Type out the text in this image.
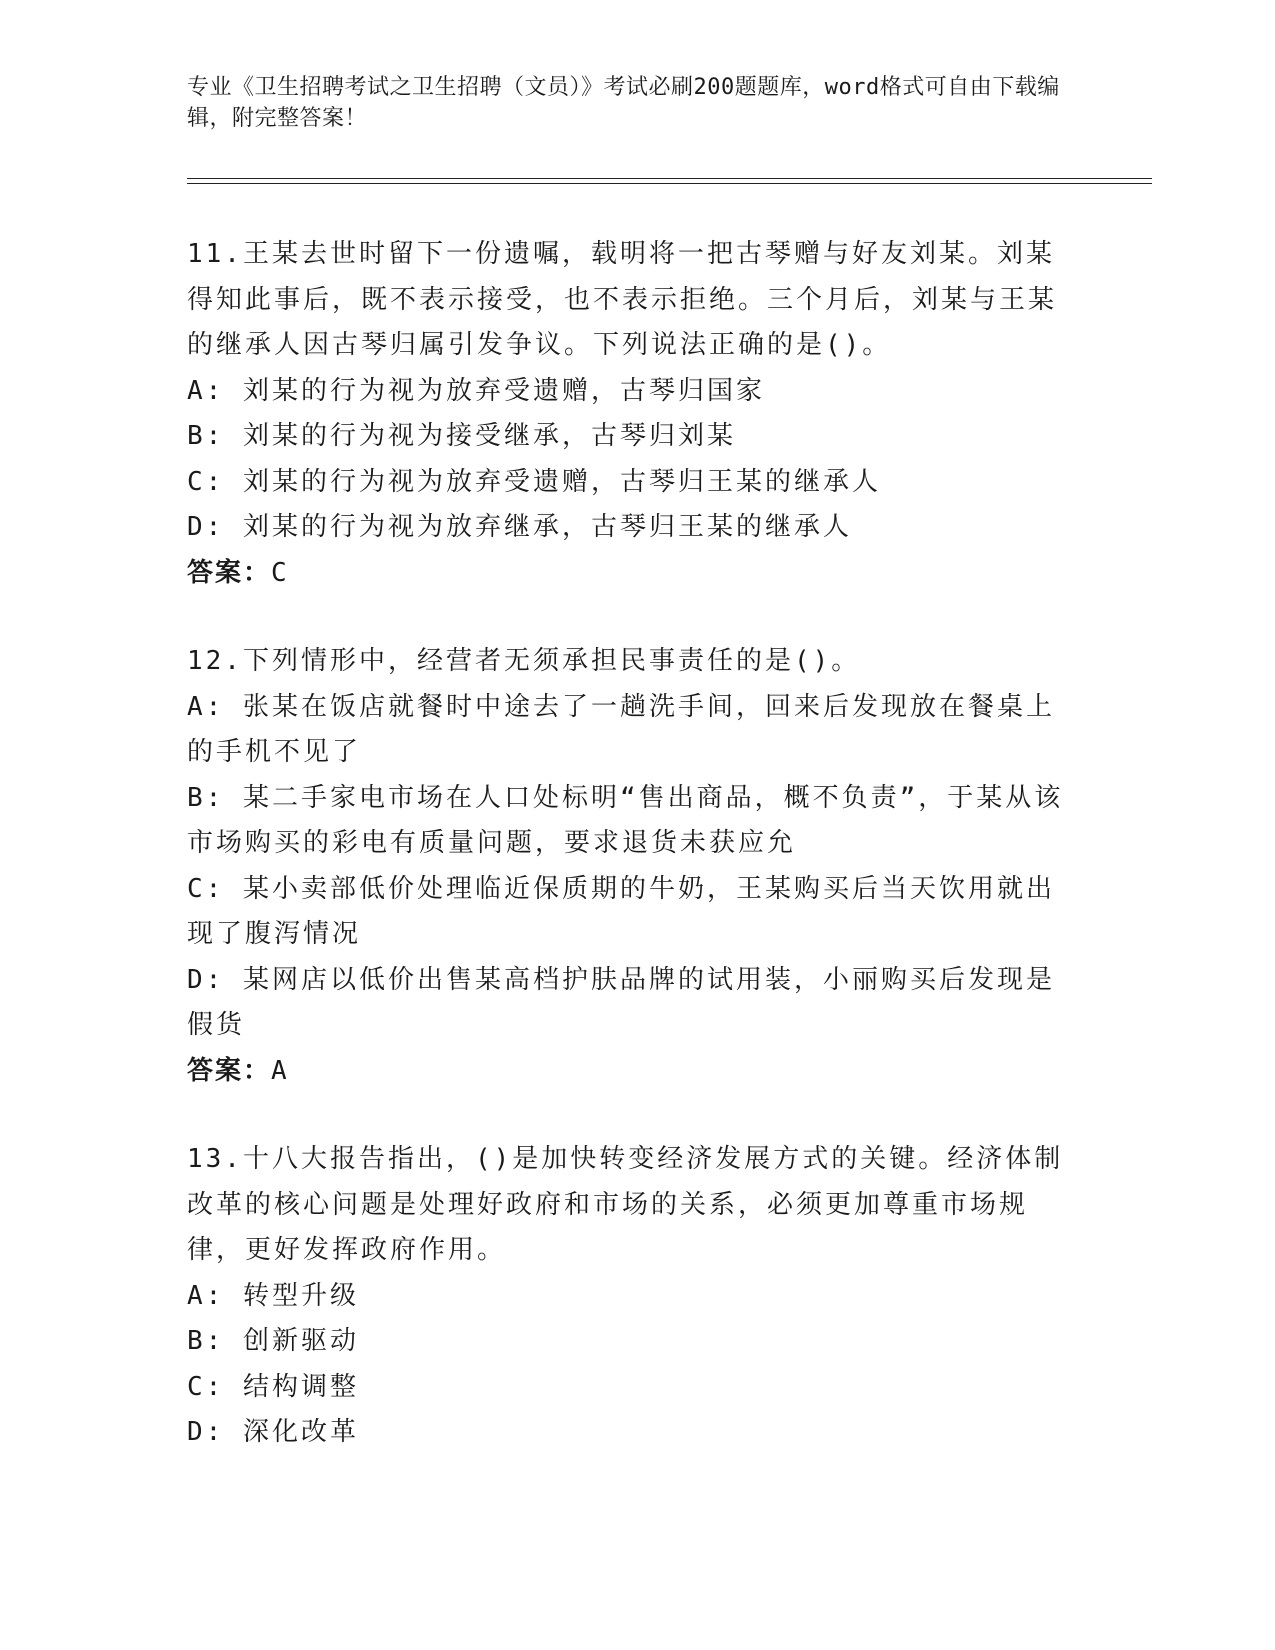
专业《卫生招聘考试之卫生招聘（文员）》考试必刷200题题库，word格式可自由下载编辑，附完整答案！

11.王某去世时留下一份遗嘱，载明将一把古琴赠与好友刘某。刘某得知此事后，既不表示接受，也不表示拒绝。三个月后，刘某与王某的继承人因古琴归属引发争议。下列说法正确的是()。

A: 刘某的行为视为放弃受遗赠，古琴归国家

B: 刘某的行为视为接受继承，古琴归刘某

C: 刘某的行为视为放弃受遗赠，古琴归王某的继承人

D: 刘某的行为视为放弃继承，古琴归王某的继承人

答案：C

12.下列情形中，经营者无须承担民事责任的是()。

A: 张某在饭店就餐时中途去了一趟洗手间，回来后发现放在餐桌上的手机不见了

B: 某二手家电市场在人口处标明“售出商品，概不负责”，于某从该市场购买的彩电有质量问题，要求退货未获应允

C: 某小卖部低价处理临近保质期的牛奶，王某购买后当天饮用就出现了腹泻情况

D: 某网店以低价出售某高档护肤品牌的试用装，小丽购买后发现是假货

答案：A

13.十八大报告指出，()是加快转变经济发展方式的关键。经济体制改革的核心问题是处理好政府和市场的关系，必须更加尊重市场规律，更好发挥政府作用。

A: 转型升级

B: 创新驱动

C: 结构调整

D: 深化改革
